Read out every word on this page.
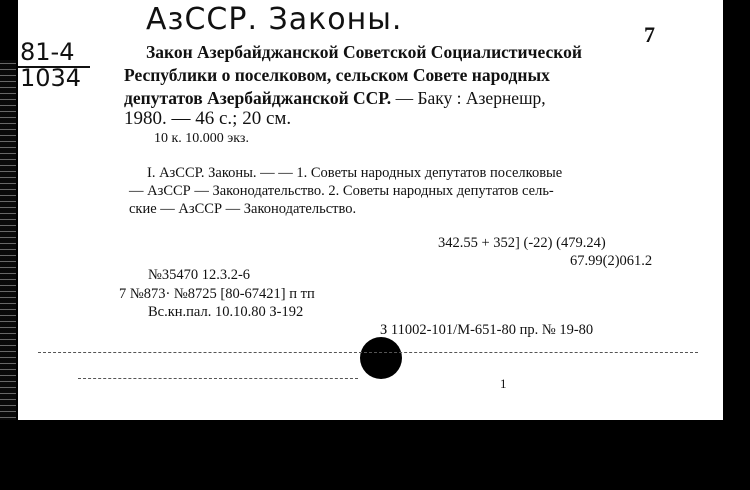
АзССР. Законы.
81-4
1034
7
Закон Азербайджанской Советской Социалистической
Республики о поселковом, сельском Совете народных
депутатов Азербайджанской ССР. — Баку : Азернешр,
1980. — 46 с.; 20 см.
10 к. 10.000 экз.
I. АзССР. Законы. — — 1. Советы народных депутатов поселковые
— АзССР — Законодательство. 2. Советы народных депутатов сель-
ские — АзССР — Законодательство.
342.55 + 352] (-22) (479.24)
67.99(2)061.2
№35470 12.3.2-6
7 №873· №8725 [80-67421] п тп
Вс.кн.пал. 10.10.80 З-192
З 11002-101/М-651-80 пр. № 19-80
1
